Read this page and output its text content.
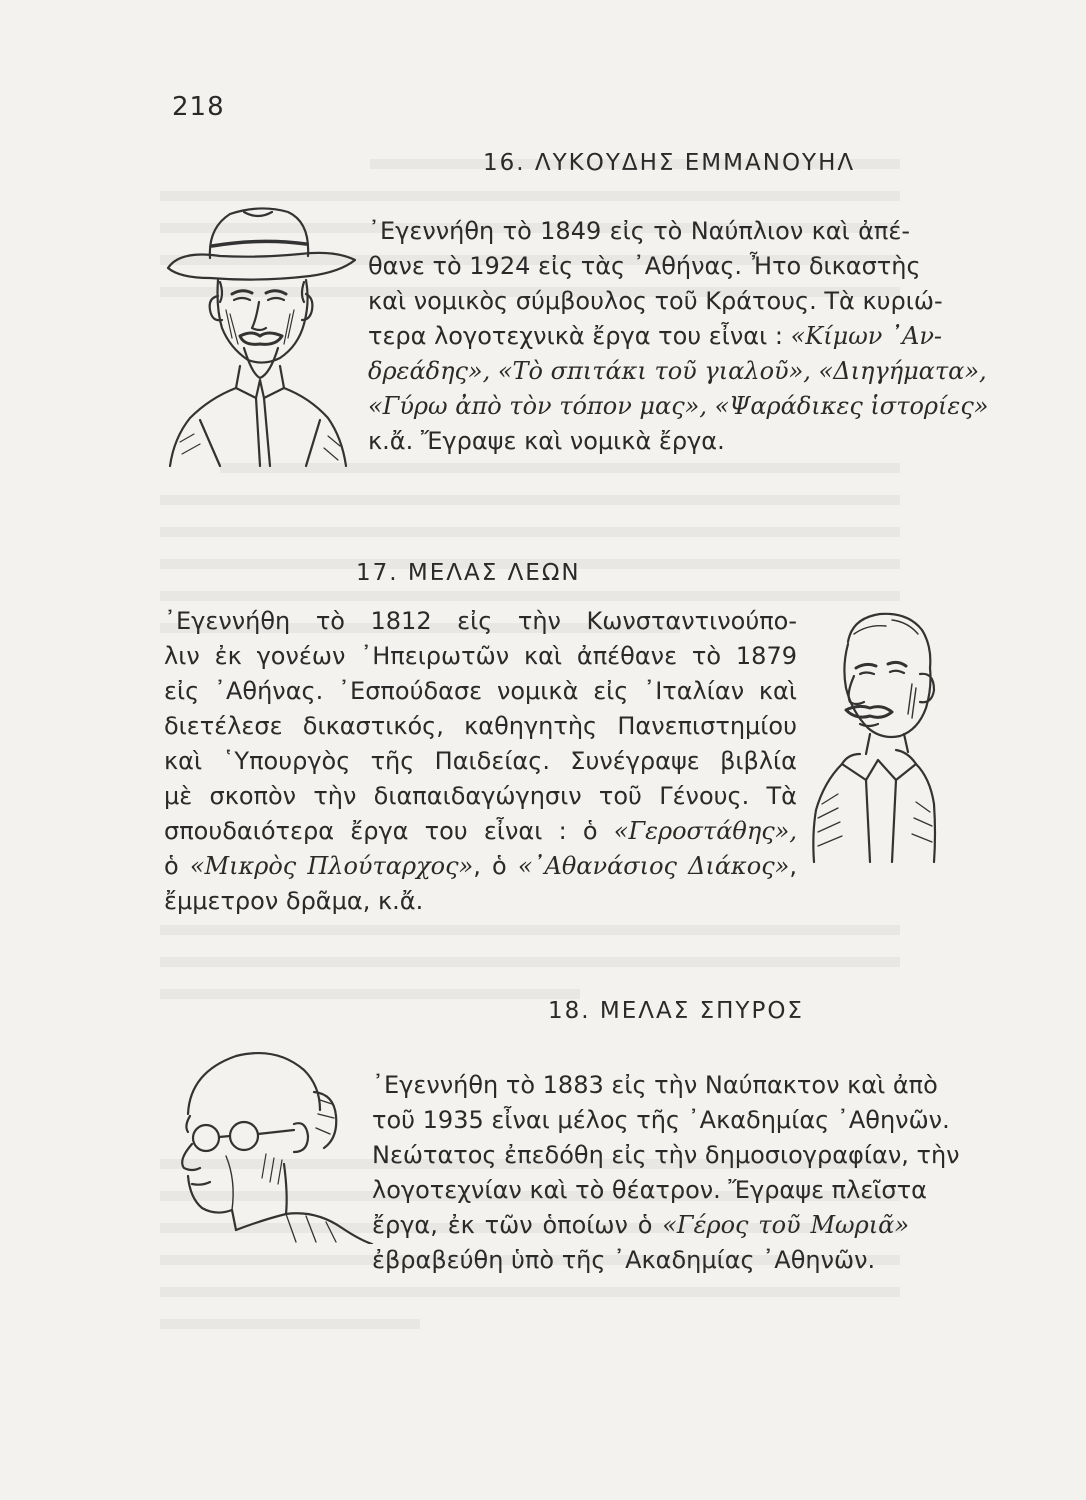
218
16. ΛΥΚΟΥΔΗΣ ΕΜΜΑΝΟΥΗΛ

᾿Εγεννήθη τὸ 1849 εἰς τὸ Ναύπλιον καὶ ἀπέ-

θανε τὸ 1924 εἰς τὰς ᾿Αθήνας. Ἦτο δικαστὴς

καὶ νομικὸς σύμβουλος τοῦ Κράτους. Τὰ κυριώ-

τερα λογοτεχνικὰ ἔργα του εἶναι : «Κίμων ᾿Αν-

δρεάδης», «Τὸ σπιτάκι τοῦ γιαλοῦ», «Διηγήματα»,

«Γύρω ἀπὸ τὸν τόπον μας», «Ψαράδικες ἱστορίες»

κ.ἄ. Ἔγραψε καὶ νομικὰ ἔργα.

17. ΜΕΛΑΣ ΛΕΩΝ

᾿Εγεννήθη τὸ 1812 εἰς τὴν Κωνσταντινούπο-

λιν ἐκ γονέων ᾿Ηπειρωτῶν καὶ ἀπέθανε τὸ 1879

εἰς ᾿Αθήνας. ᾿Εσπούδασε νομικὰ εἰς ᾿Ιταλίαν καὶ

διετέλεσε δικαστικός, καθηγητὴς Πανεπιστημίου

καὶ ῾Υπουργὸς τῆς Παιδείας. Συνέγραψε βιβλία

μὲ σκοπὸν τὴν διαπαιδαγώγησιν τοῦ Γένους. Τὰ

σπουδαιότερα ἔργα του εἶναι : ὁ «Γεροστάθης»,

ὁ «Μικρὸς Πλούταρχος», ὁ «᾿Αθανάσιος Διάκος»,

ἔμμετρον δρᾶμα, κ.ἄ.

18. ΜΕΛΑΣ ΣΠΥΡΟΣ

᾿Εγεννήθη τὸ 1883 εἰς τὴν Ναύπακτον καὶ ἀπὸ

τοῦ 1935 εἶναι μέλος τῆς ᾿Ακαδημίας ᾿Αθηνῶν.

Νεώτατος ἐπεδόθη εἰς τὴν δημοσιογραφίαν, τὴν

λογοτεχνίαν καὶ τὸ θέατρον. Ἔγραψε πλεῖστα

ἔργα, ἐκ τῶν ὁποίων ὁ «Γέρος τοῦ Μωριᾶ»

ἐβραβεύθη ὑπὸ τῆς ᾿Ακαδημίας ᾿Αθηνῶν.
